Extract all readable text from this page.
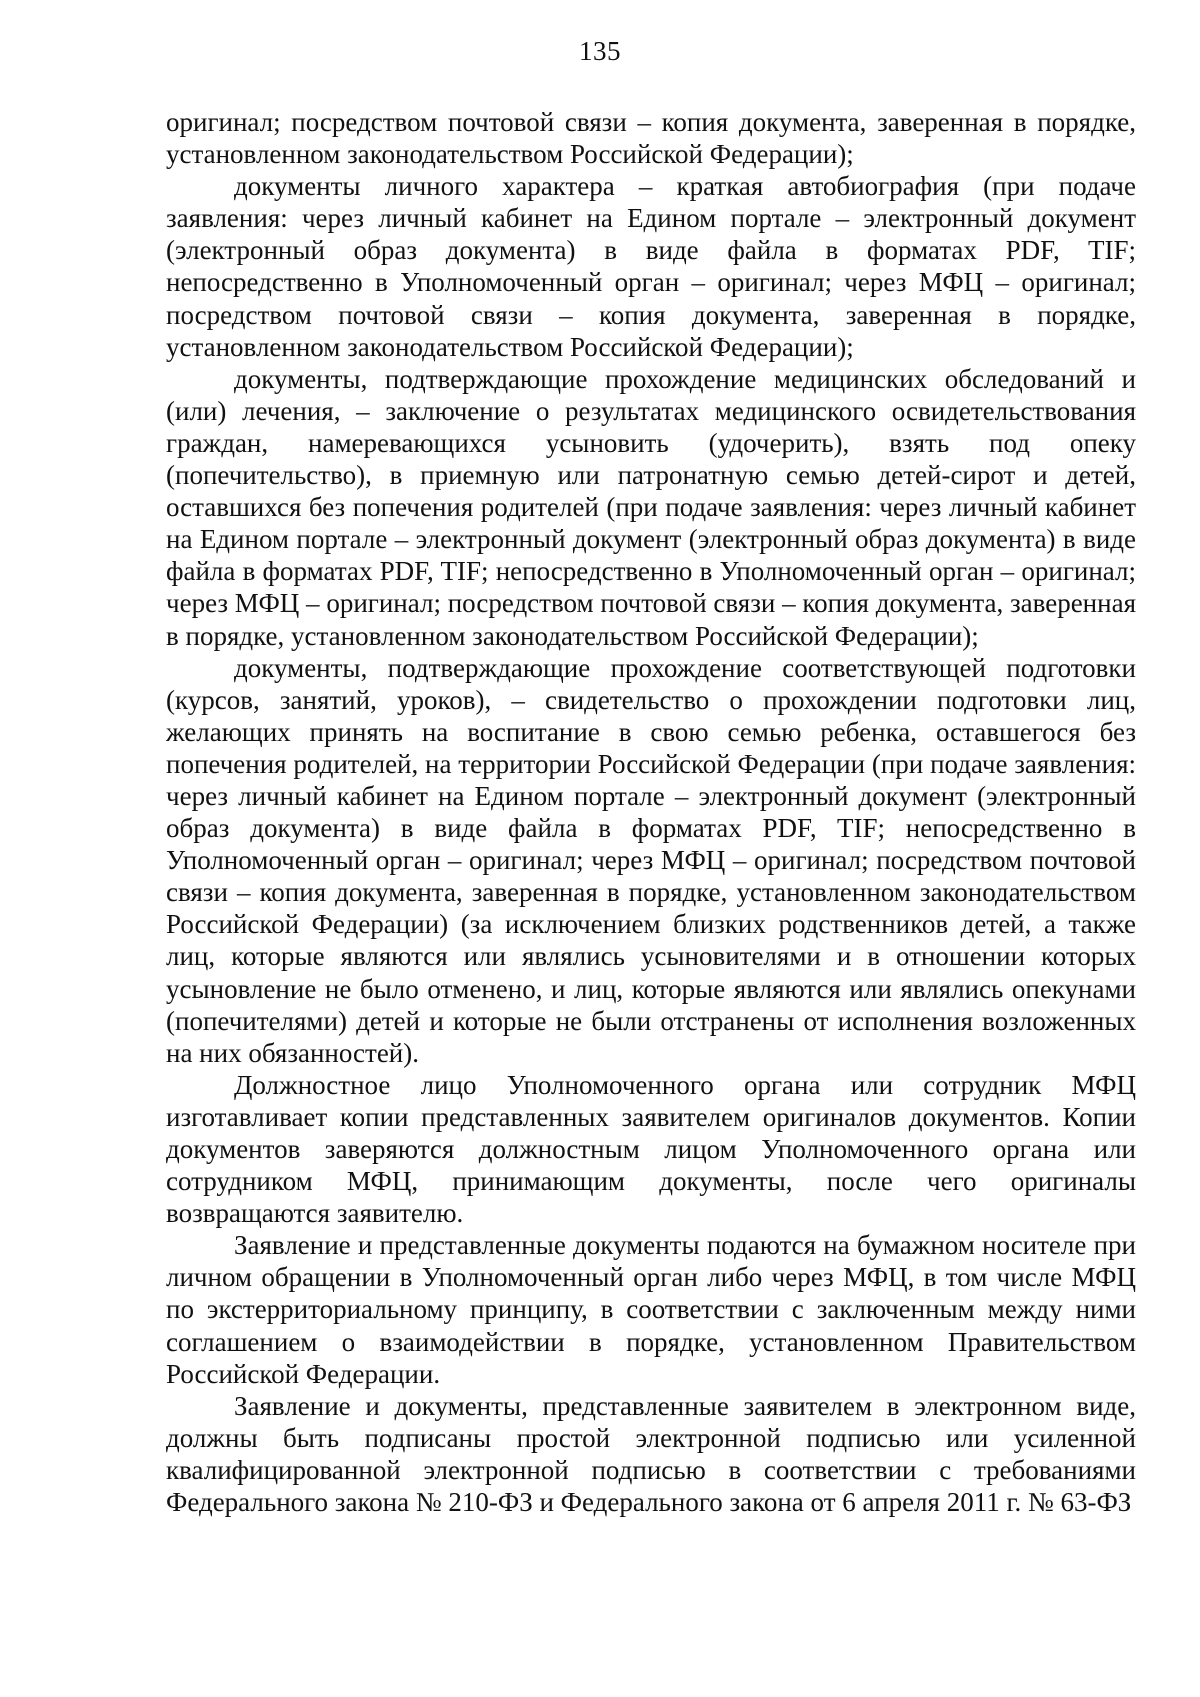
135

оригинал; посредством почтовой связи – копия документа, заверенная в порядке, установленном законодательством Российской Федерации);

документы личного характера – краткая автобиография (при подаче заявления: через личный кабинет на Едином портале – электронный документ (электронный образ документа) в виде файла в форматах PDF, TIF; непосредственно в Уполномоченный орган – оригинал; через МФЦ – оригинал; посредством почтовой связи – копия документа, заверенная в порядке, установленном законодательством Российской Федерации);

документы, подтверждающие прохождение медицинских обследований и (или) лечения, – заключение о результатах медицинского освидетельствования граждан, намеревающихся усыновить (удочерить), взять под опеку (попечительство), в приемную или патронатную семью детей-сирот и детей, оставшихся без попечения родителей (при подаче заявления: через личный кабинет на Едином портале – электронный документ (электронный образ документа) в виде файла в форматах PDF, TIF; непосредственно в Уполномоченный орган – оригинал; через МФЦ – оригинал; посредством почтовой связи – копия документа, заверенная в порядке, установленном законодательством Российской Федерации);

документы, подтверждающие прохождение соответствующей подготовки (курсов, занятий, уроков), – свидетельство о прохождении подготовки лиц, желающих принять на воспитание в свою семью ребенка, оставшегося без попечения родителей, на территории Российской Федерации (при подаче заявления: через личный кабинет на Едином портале – электронный документ (электронный образ документа) в виде файла в форматах PDF, TIF; непосредственно в Уполномоченный орган – оригинал; через МФЦ – оригинал; посредством почтовой связи – копия документа, заверенная в порядке, установленном законодательством Российской Федерации) (за исключением близких родственников детей, а также лиц, которые являются или являлись усыновителями и в отношении которых усыновление не было отменено, и лиц, которые являются или являлись опекунами (попечителями) детей и которые не были отстранены от исполнения возложенных на них обязанностей).

Должностное лицо Уполномоченного органа или сотрудник МФЦ изготавливает копии представленных заявителем оригиналов документов. Копии документов заверяются должностным лицом Уполномоченного органа или сотрудником МФЦ, принимающим документы, после чего оригиналы возвращаются заявителю.

Заявление и представленные документы подаются на бумажном носителе при личном обращении в Уполномоченный орган либо через МФЦ, в том числе МФЦ по экстерриториальному принципу, в соответствии с заключенным между ними соглашением о взаимодействии в порядке, установленном Правительством Российской Федерации.

Заявление и документы, представленные заявителем в электронном виде, должны быть подписаны простой электронной подписью или усиленной квалифицированной электронной подписью в соответствии с требованиями Федерального закона № 210-ФЗ и Федерального закона от 6 апреля 2011 г. № 63-ФЗ
